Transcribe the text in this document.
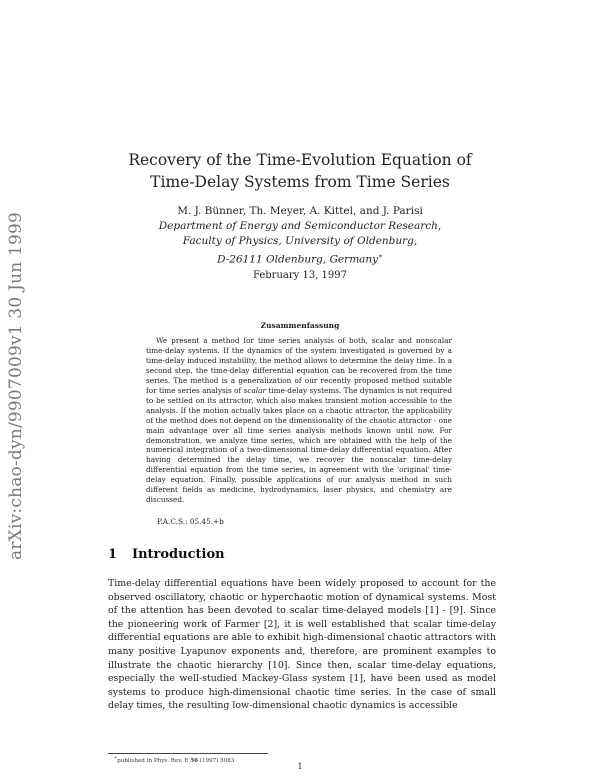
arXiv:chao-dyn/9907009v1 30 Jun 1999
Recovery of the Time-Evolution Equation of
Time-Delay Systems from Time Series
M. J. Bünner, Th. Meyer, A. Kittel, and J. Parisi
Department of Energy and Semiconductor Research,
Faculty of Physics, University of Oldenburg,
D-26111 Oldenburg, Germany∗
February 13, 1997
Zusammenfassung

We present a method for time series analysis of both, scalar and nonscalar time-delay systems. If the dynamics of the system investigated is governed by a time-delay induced instability, the method allows to determine the delay time. In a second step, the time-delay differential equation can be recovered from the time series. The method is a generalization of our recently proposed method suitable for time series analysis of scalar time-delay systems. The dynamics is not required to be settled on its attractor, which also makes transient motion accessible to the analysis. If the motion actually takes place on a chaotic attractor, the applicability of the method does not depend on the dimensionality of the chaotic attractor - one main advantage over all time series analysis methods known until now. For demonstration, we analyze time series, which are obtained with the help of the numerical integration of a two-dimensional time-delay differential equation. After having determined the delay time, we recover the nonscalar time-delay differential equation from the time series, in agreement with the 'original' time-delay equation. Finally, possible applications of our analysis method in such different fields as medicine, hydrodynamics, laser physics, and chemistry are discussed.

P.A.C.S.: 05.45.+b
1 Introduction

Time-delay differential equations have been widely proposed to account for the observed oscillatory, chaotic or hyperchaotic motion of dynamical systems. Most of the attention has been devoted to scalar time-delayed models [1] - [9]. Since the pioneering work of Farmer [2], it is well established that scalar time-delay differential equations are able to exhibit high-dimensional chaotic attractors with many positive Lyapunov exponents and, therefore, are prominent examples to illustrate the chaotic hierarchy [10]. Since then, scalar time-delay equations, especially the well-studied Mackey-Glass system [1], have been used as model systems to produce high-dimensional chaotic time series. In the case of small delay times, the resulting low-dimensional chaotic dynamics is accessible

∗published in Phys. Rev. E 56 (1997) 5083
1
